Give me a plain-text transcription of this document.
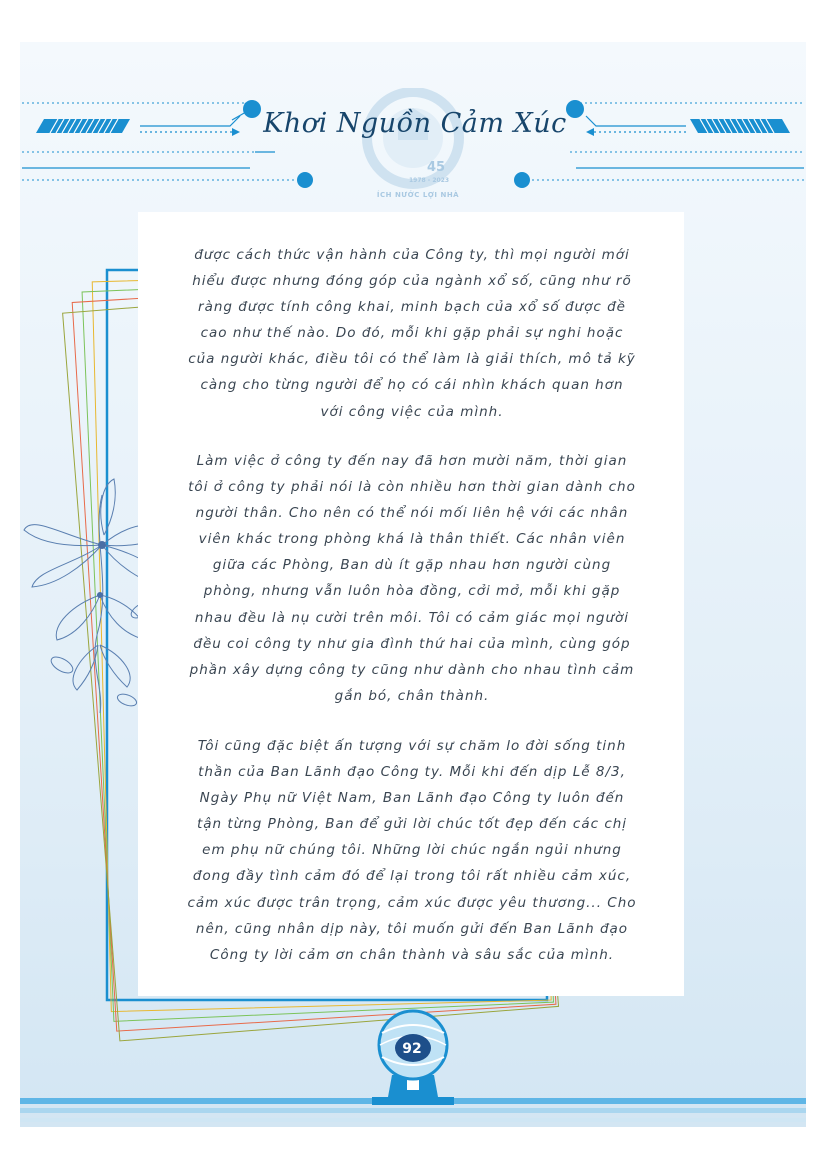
45
1978 - 2023
ÍCH NƯỚC LỢI NHÀ
Khơi Nguồn Cảm Xúc

được cách thức vận hành của Công ty, thì mọi người mới
hiểu được nhưng đóng góp của ngành xổ số, cũng như rõ
ràng được tính công khai, minh bạch của xổ số được đề
cao như thế nào. Do đó, mỗi khi gặp phải sự nghi hoặc
của người khác, điều tôi có thể làm là giải thích, mô tả kỹ
càng cho từng người để họ có cái nhìn khách quan hơn
với công việc của mình.

Làm việc ở công ty đến nay đã hơn mười năm, thời gian
tôi ở công ty phải nói là còn nhiều hơn thời gian dành cho
người thân. Cho nên có thể nói mối liên hệ với các nhân
viên khác trong phòng khá là thân thiết. Các nhân viên
giữa các Phòng, Ban dù ít gặp nhau hơn người cùng
phòng, nhưng vẫn luôn hòa đồng, cởi mở, mỗi khi gặp
nhau đều là nụ cười trên môi. Tôi có cảm giác mọi người
đều coi công ty như gia đình thứ hai của mình, cùng góp
phần xây dựng công ty cũng như dành cho nhau tình cảm
gắn bó, chân thành.

Tôi cũng đặc biệt ấn tượng với sự chăm lo đời sống tinh
thần của Ban Lãnh đạo Công ty. Mỗi khi đến dịp Lễ 8/3,
Ngày Phụ nữ Việt Nam, Ban Lãnh đạo Công ty luôn đến
tận từng Phòng, Ban để gửi lời chúc tốt đẹp đến các chị
em phụ nữ chúng tôi. Những lời chúc ngắn ngủi nhưng
đong đầy tình cảm đó để lại trong tôi rất nhiều cảm xúc,
cảm xúc được trân trọng, cảm xúc được yêu thương... Cho
nên, cũng nhân dịp này, tôi muốn gửi đến Ban Lãnh đạo
Công ty lời cảm ơn chân thành và sâu sắc của mình.

92
